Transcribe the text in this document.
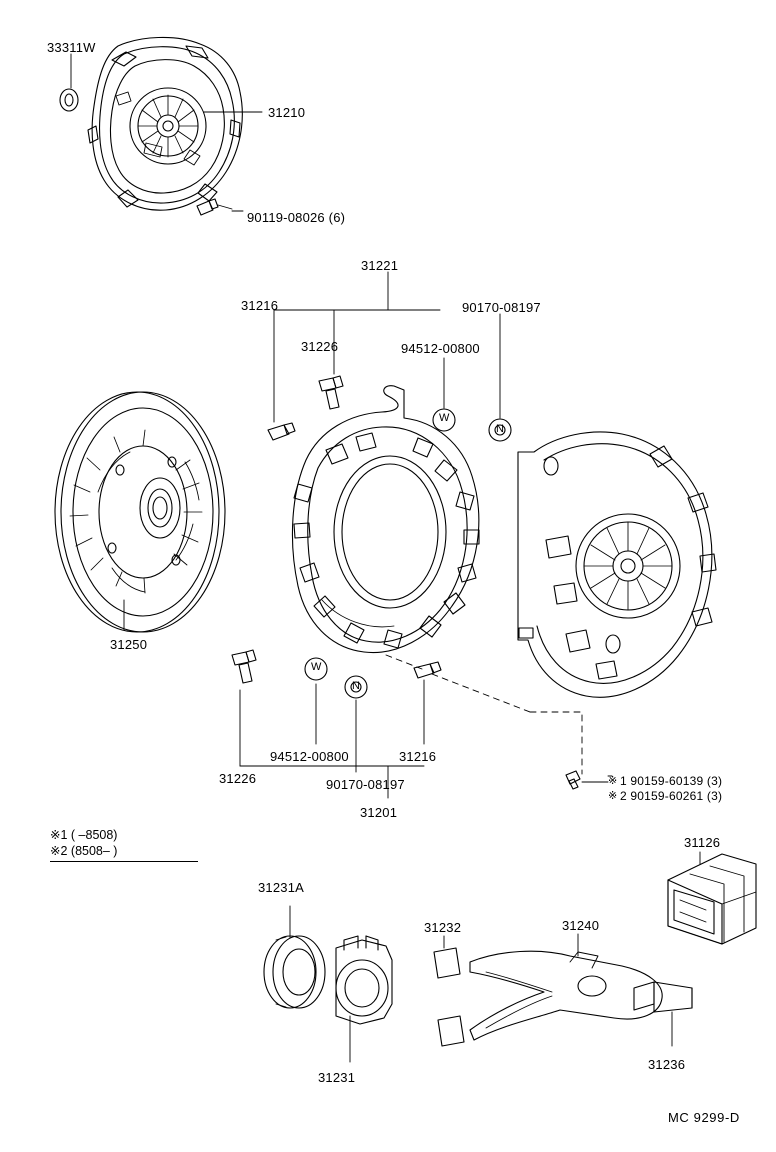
33311W
31210
90119-08026 (6)
31221
31216	90170-08197
31226	94512-00800
31250
94512-00800	31216
31226	90170-08197
31201
※ 1 90159-60139 (3)
※ 2 90159-60261 (3)
31126
31231A
31232	31240
31231
31236
W
N
W
N
※1 ( –8508)
※2 (8508– )
MC 9299-D
